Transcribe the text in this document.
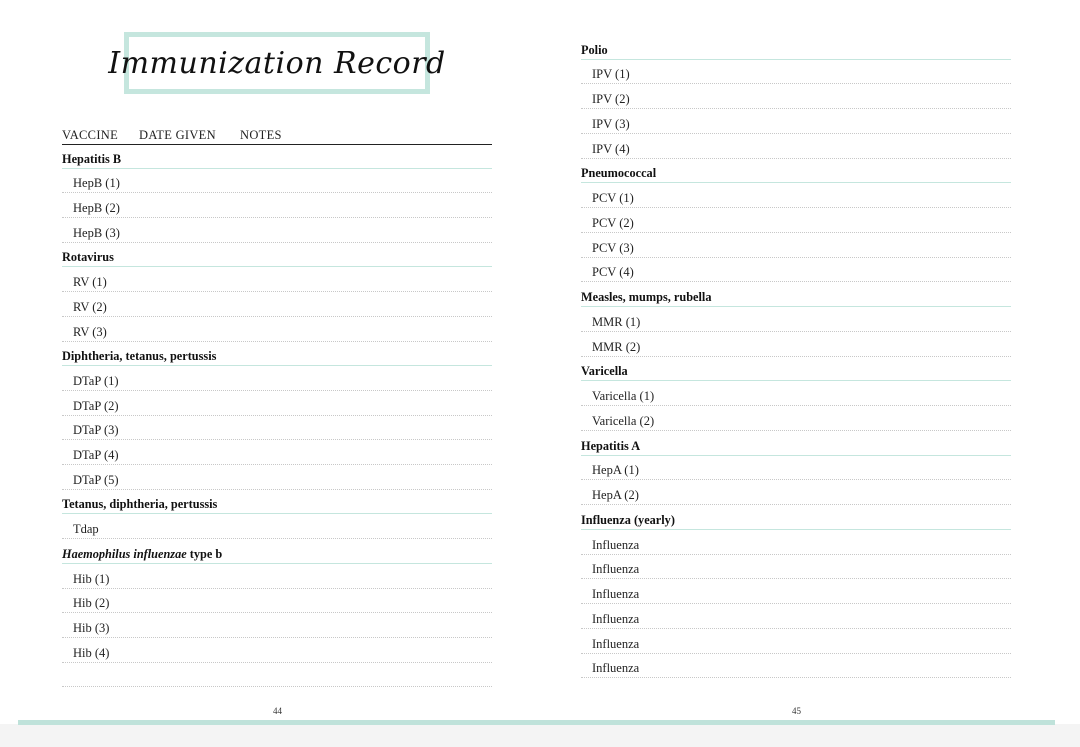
Immunization Record
VACCINE DATE GIVEN NOTES
Hepatitis B
HepB (1)
HepB (2)
HepB (3)
Rotavirus
RV (1)
RV (2)
RV (3)
Diphtheria, tetanus, pertussis
DTaP (1)
DTaP (2)
DTaP (3)
DTaP (4)
DTaP (5)
Tetanus, diphtheria, pertussis
Tdap
Haemophilus influenzae type b
Hib (1)
Hib (2)
Hib (3)
Hib (4)
Polio
IPV (1)
IPV (2)
IPV (3)
IPV (4)
Pneumococcal
PCV (1)
PCV (2)
PCV (3)
PCV (4)
Measles, mumps, rubella
MMR (1)
MMR (2)
Varicella
Varicella (1)
Varicella (2)
Hepatitis A
HepA (1)
HepA (2)
Influenza (yearly)
Influenza
Influenza
Influenza
Influenza
Influenza
Influenza
44	45
